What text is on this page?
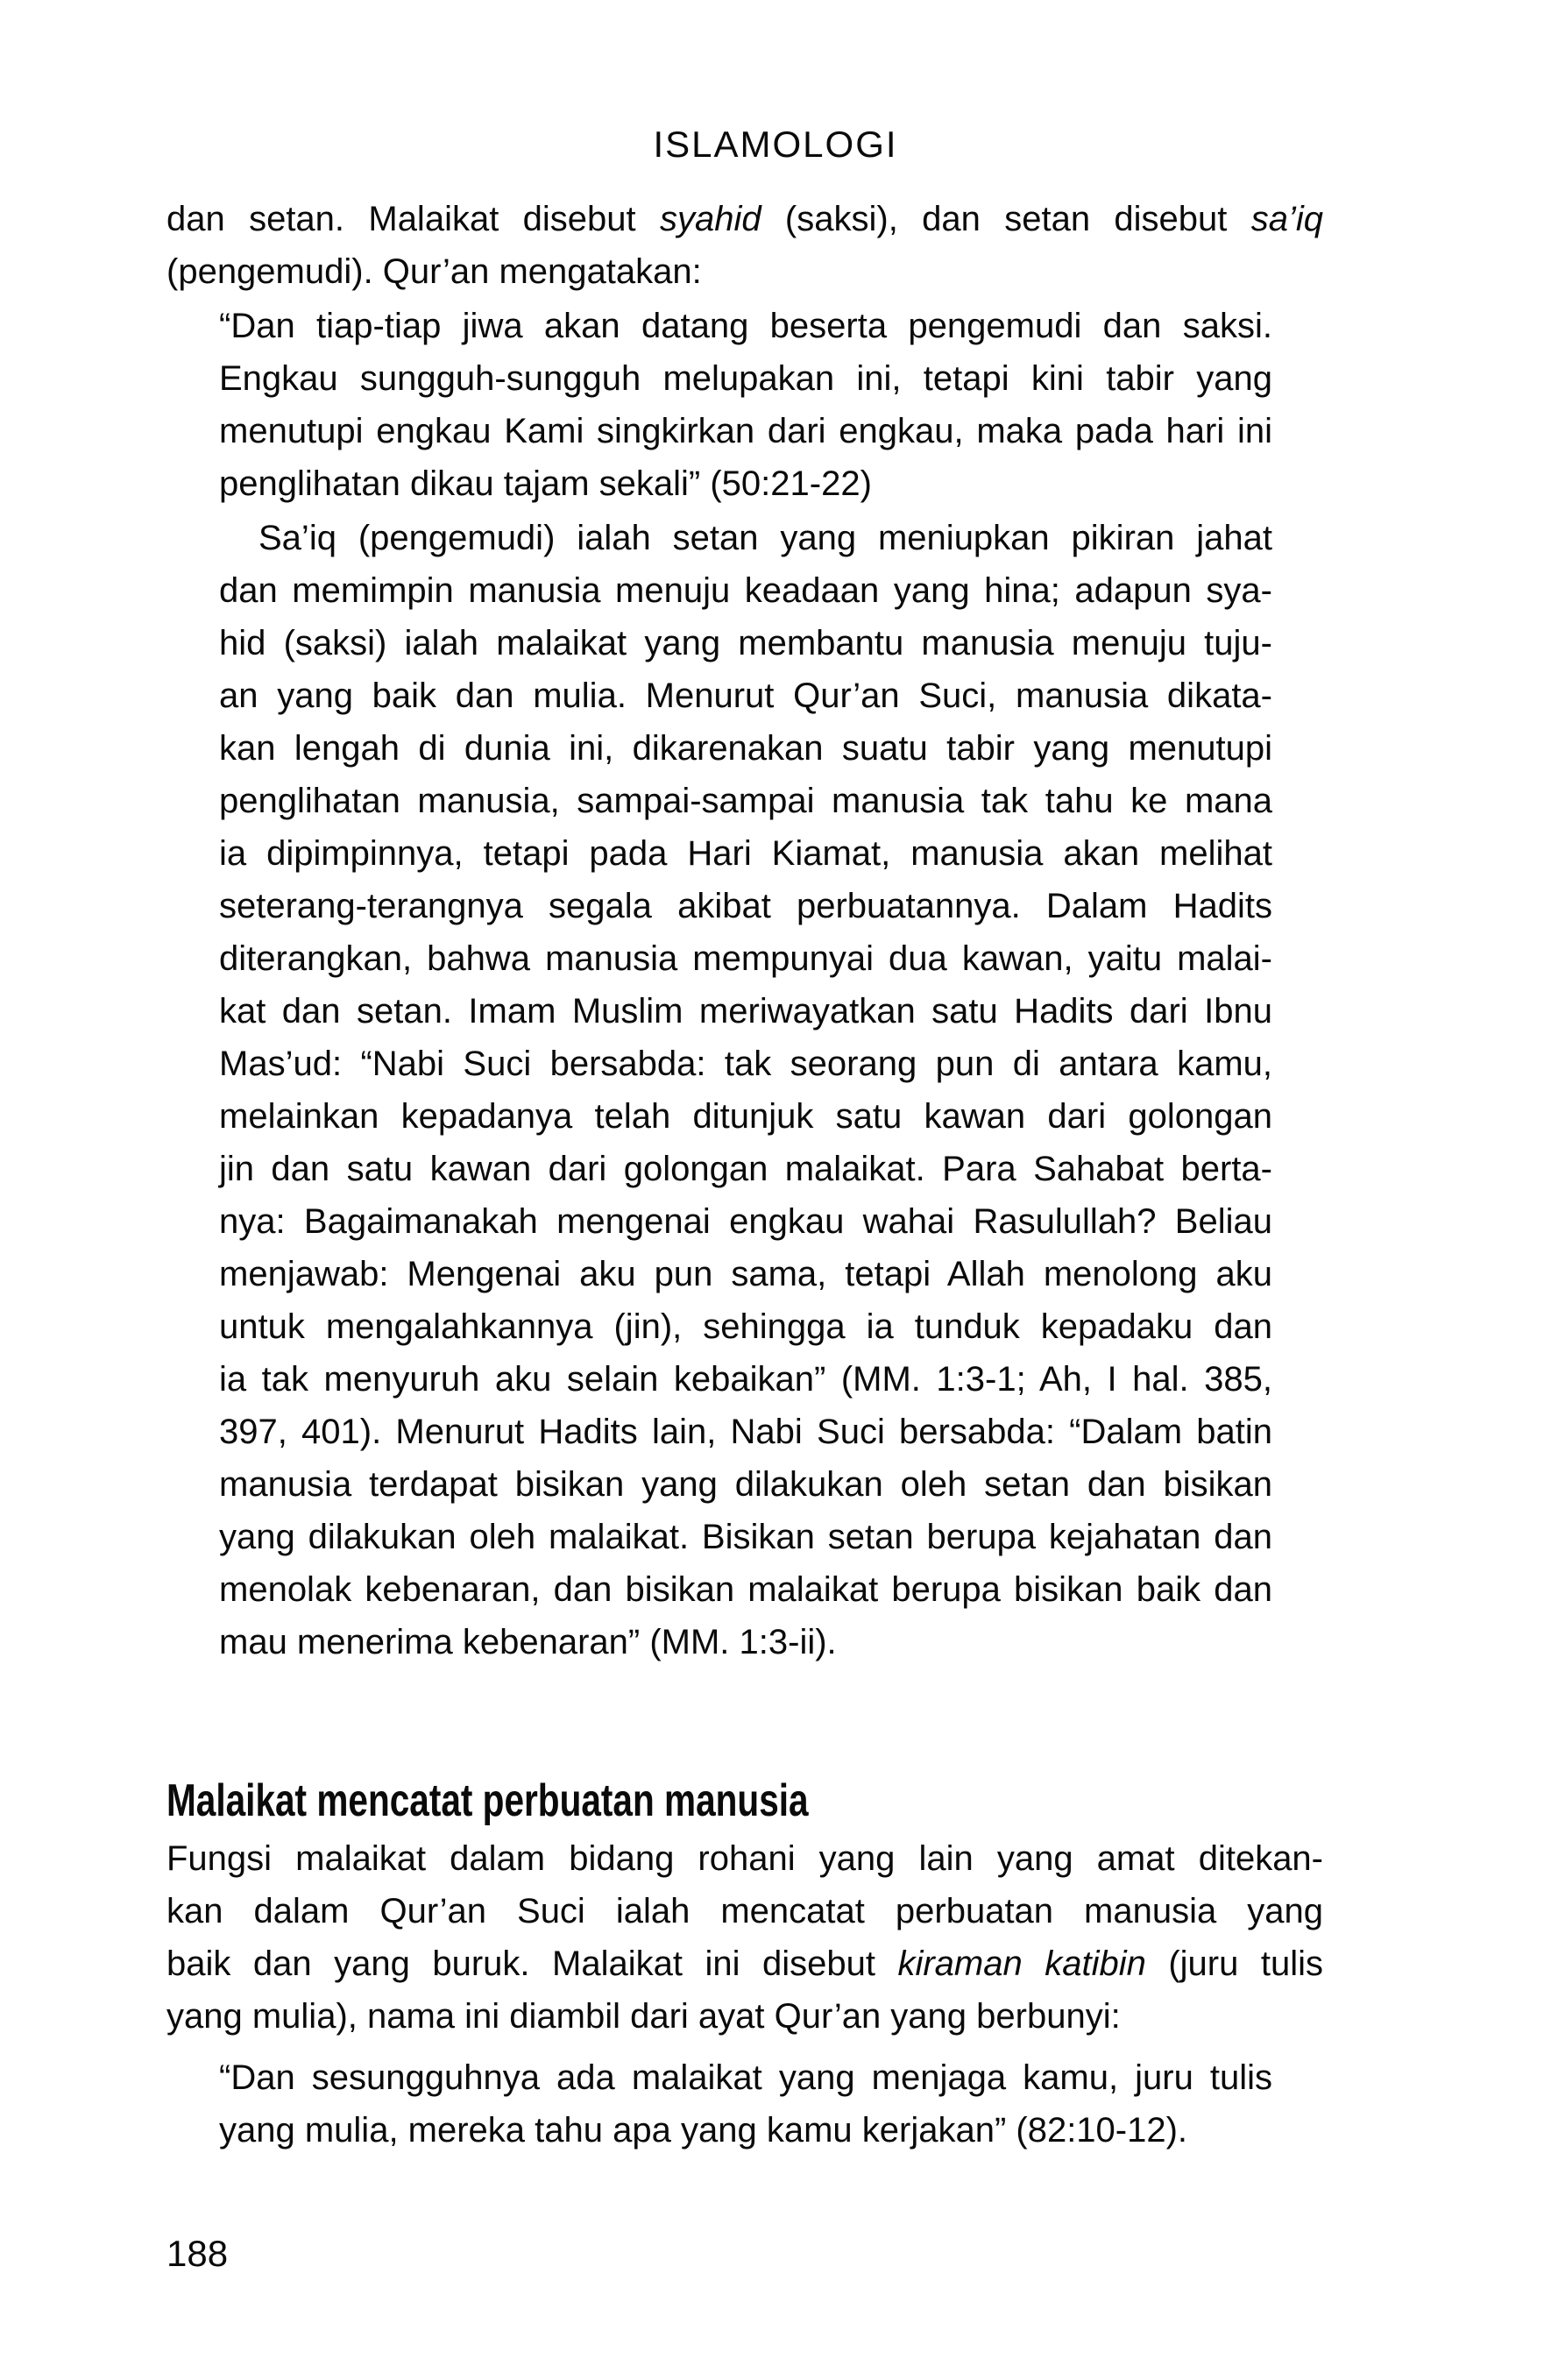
ISLAMOLOGI
dan setan. Malaikat disebut syahid (saksi), dan setan disebut sa’iq
(pengemudi). Qur’an mengatakan:
“Dan tiap-tiap jiwa akan datang beserta pengemudi dan saksi.
Engkau sungguh-sungguh melupakan ini, tetapi kini tabir yang
menutupi engkau Kami singkirkan dari engkau, maka pada hari ini
penglihatan dikau tajam sekali” (50:21-22)
Sa’iq (pengemudi) ialah setan yang meniupkan pikiran jahat
dan memimpin manusia menuju keadaan yang hina; adapun sya-
hid (saksi) ialah malaikat yang membantu manusia menuju tuju-
an yang baik dan mulia. Menurut Qur’an Suci, manusia dikata-
kan lengah di dunia ini, dikarenakan suatu tabir yang menutupi
penglihatan manusia, sampai-sampai manusia tak tahu ke mana
ia dipimpinnya, tetapi pada Hari Kiamat, manusia akan melihat
seterang-terangnya segala akibat perbuatannya. Dalam Hadits
diterangkan, bahwa manusia mempunyai dua kawan, yaitu malai-
kat dan setan. Imam Muslim meriwayatkan satu Hadits dari Ibnu
Mas’ud: “Nabi Suci bersabda: tak seorang pun di antara kamu,
melainkan kepadanya telah ditunjuk satu kawan dari golongan
jin dan satu kawan dari golongan malaikat. Para Sahabat berta-
nya: Bagaimanakah mengenai engkau wahai Rasulullah? Beliau
menjawab: Mengenai aku pun sama, tetapi Allah menolong aku
untuk mengalahkannya (jin), sehingga ia tunduk kepadaku dan
ia tak menyuruh aku selain kebaikan” (MM. 1:3-1; Ah, I hal. 385,
397, 401). Menurut Hadits lain, Nabi Suci bersabda: “Dalam batin
manusia terdapat bisikan yang dilakukan oleh setan dan bisikan
yang dilakukan oleh malaikat. Bisikan setan berupa kejahatan dan
menolak kebenaran, dan bisikan malaikat berupa bisikan baik dan
mau menerima kebenaran” (MM. 1:3-ii).
Malaikat mencatat perbuatan manusia
Fungsi malaikat dalam bidang rohani yang lain yang amat ditekan-
kan dalam Qur’an Suci ialah mencatat perbuatan manusia yang
baik dan yang buruk. Malaikat ini disebut kiraman katibin (juru tulis
yang mulia), nama ini diambil dari ayat Qur’an yang berbunyi:
“Dan sesungguhnya ada malaikat yang menjaga kamu, juru tulis
yang mulia, mereka tahu apa yang kamu kerjakan” (82:10-12).
188
